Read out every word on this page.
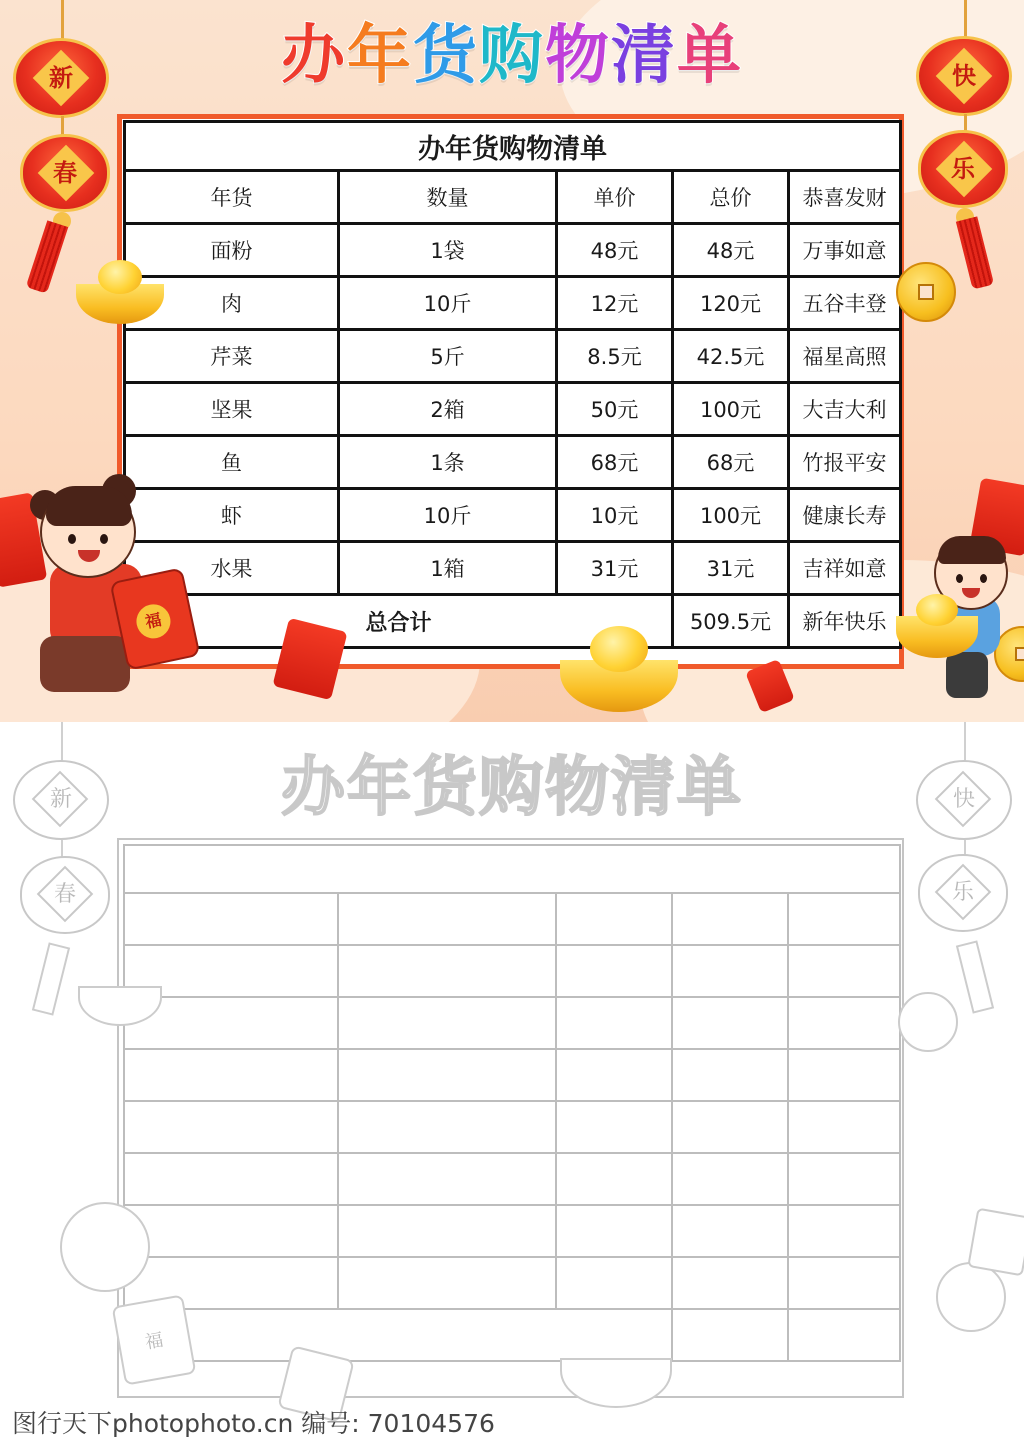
办年货购物清单
新
春
快
乐
办年货购物清单				
年货	数量	单价	总价	恭喜发财
面粉	1袋	48元	48元	万事如意
肉	10斤	12元	120元	五谷丰登
芹菜	5斤	8.5元	42.5元	福星高照
坚果	2箱	50元	100元	大吉大利
鱼	1条	68元	68元	竹报平安
虾	10斤	10元	100元	健康长寿
水果	1箱	31元	31元	吉祥如意
总合计			509.5元	新年快乐
福
办年货购物清单
新
春
快
乐

福
图行天下photophoto.cn 编号: 70104576
